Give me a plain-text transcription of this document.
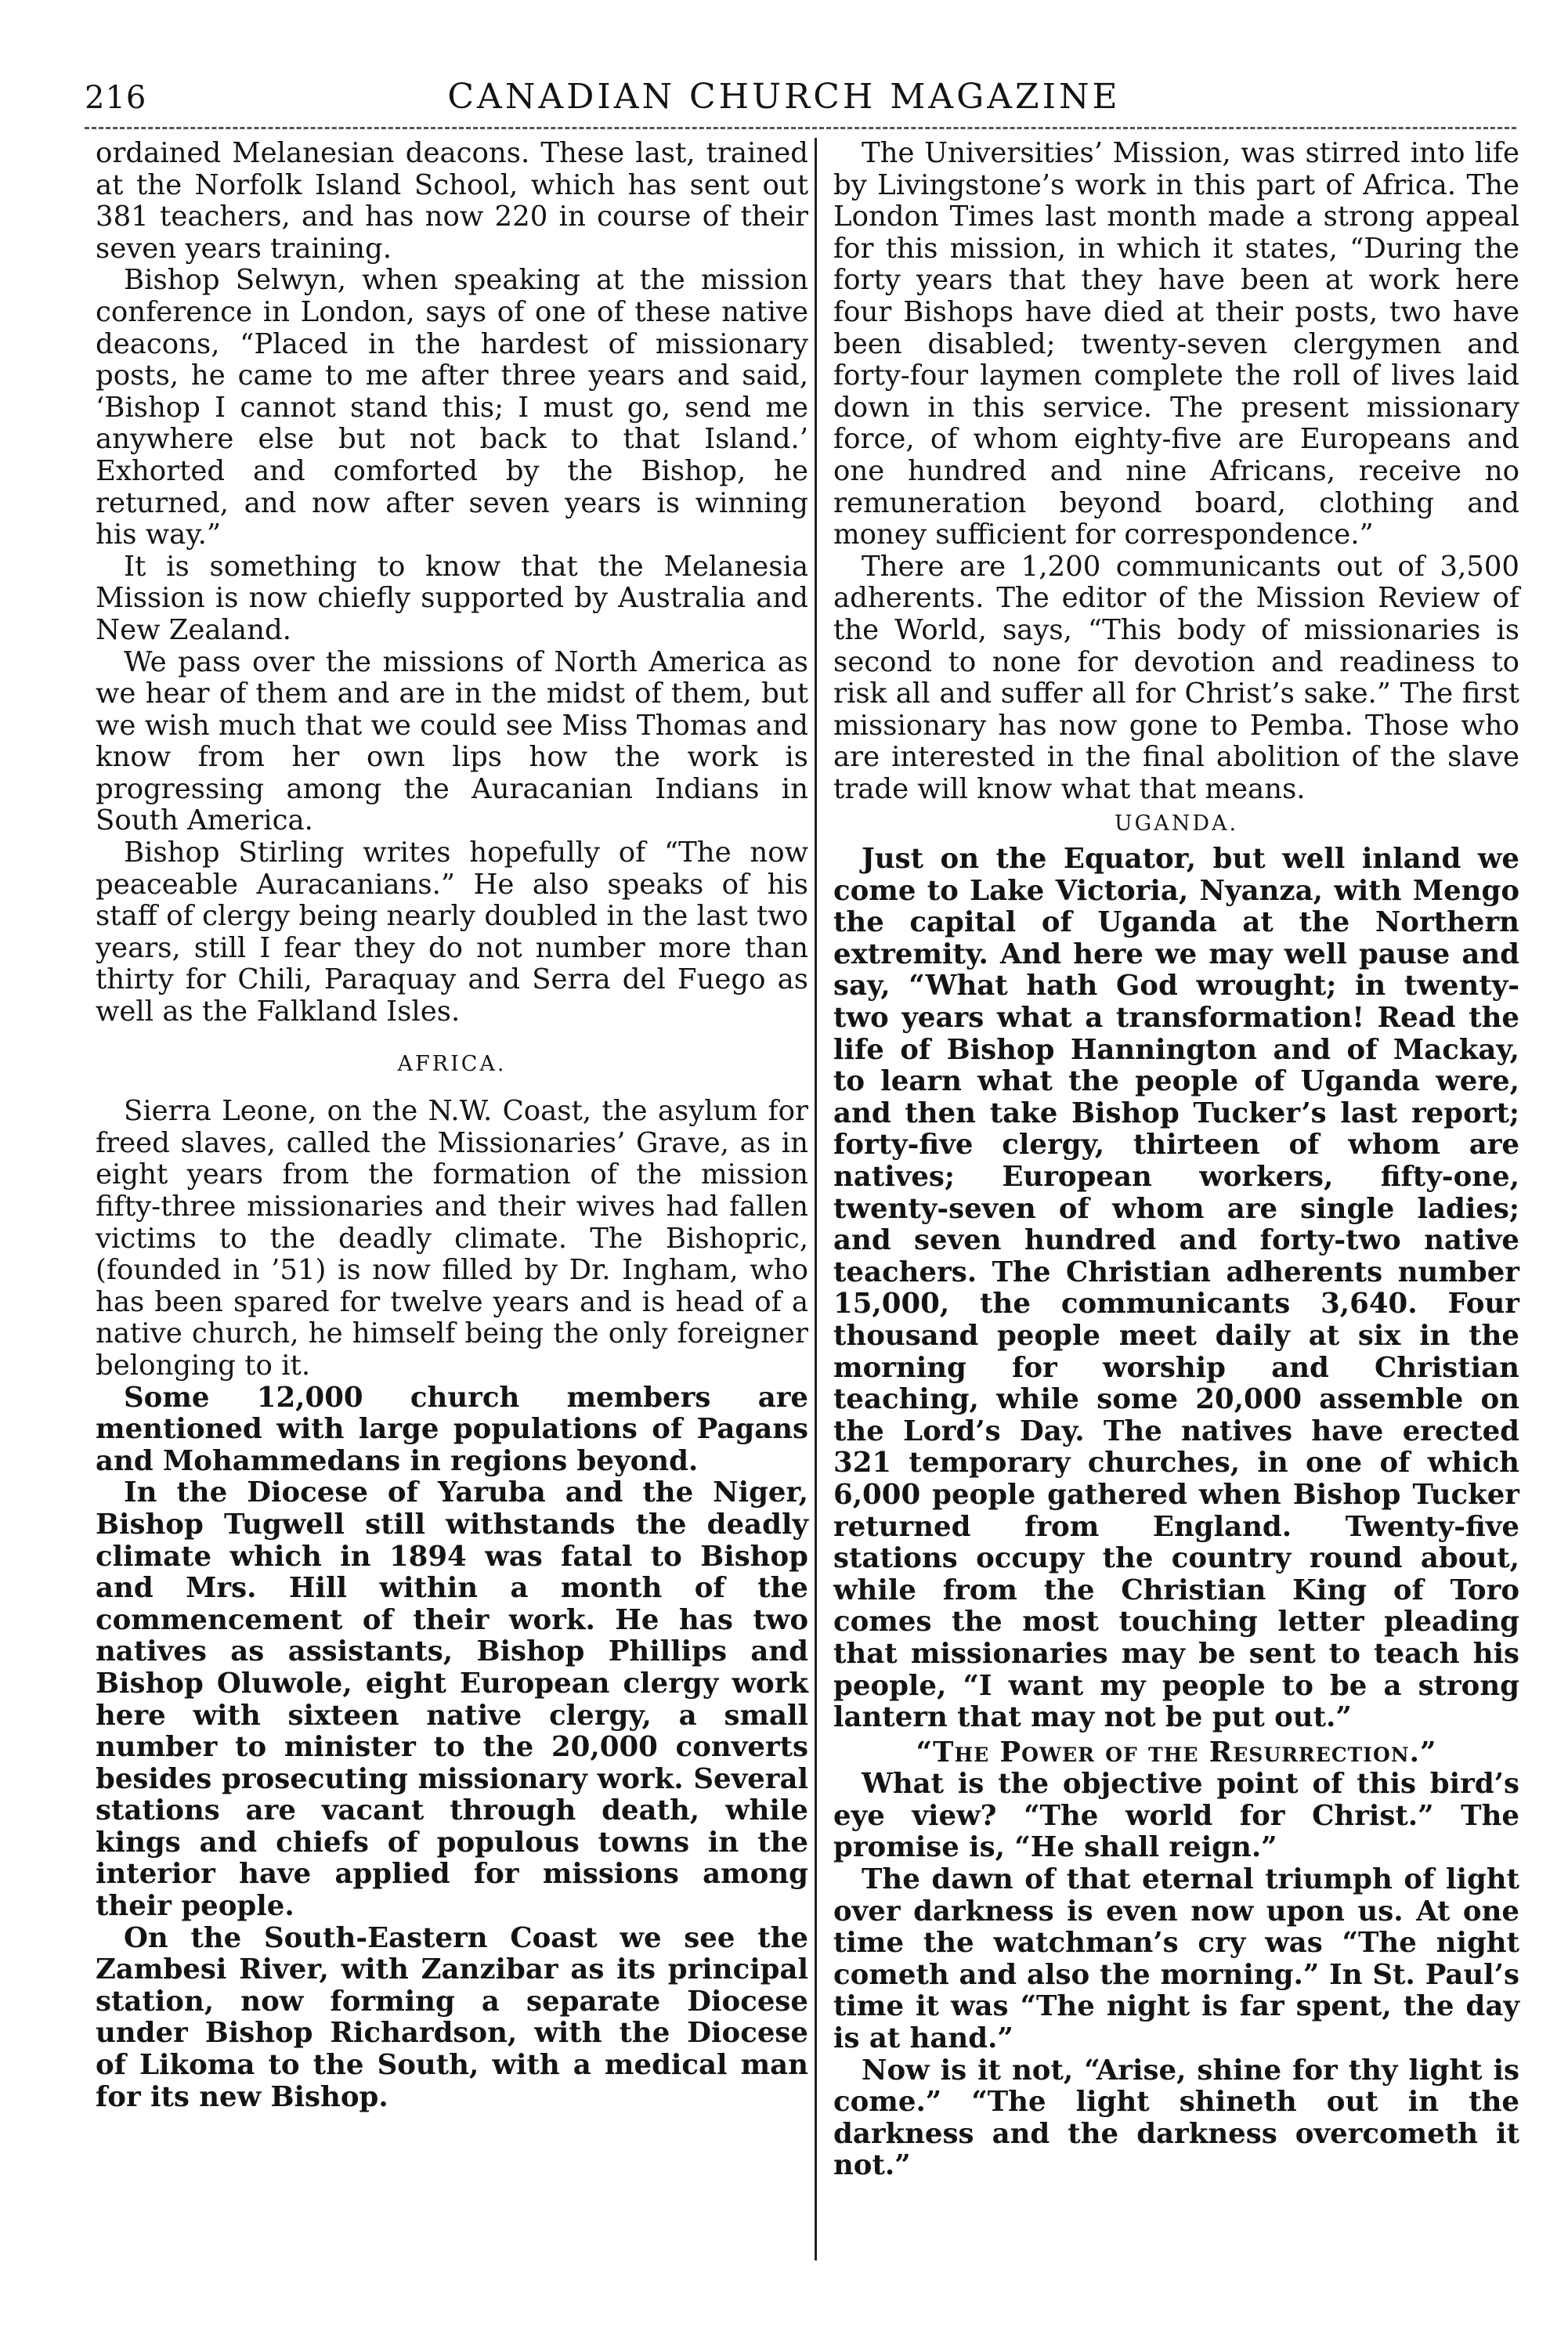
216	CANADIAN CHURCH MAGAZINE

ordained Melanesian deacons. These last, trained at the Norfolk Island School, which has sent out 381 teachers, and has now 220 in course of their seven years training.

Bishop Selwyn, when speaking at the mission conference in London, says of one of these native deacons, “Placed in the hardest of missionary posts, he came to me after three years and said, ‘Bishop I cannot stand this; I must go, send me anywhere else but not back to that Island.’ Exhorted and comforted by the Bishop, he returned, and now after seven years is winning his way.”

It is something to know that the Melanesia Mission is now chiefly supported by Australia and New Zealand.

We pass over the missions of North America as we hear of them and are in the midst of them, but we wish much that we could see Miss Thomas and know from her own lips how the work is progressing among the Auracanian Indians in South America.

Bishop Stirling writes hopefully of “The now peaceable Auracanians.” He also speaks of his staff of clergy being nearly doubled in the last two years, still I fear they do not number more than thirty for Chili, Paraquay and Serra del Fuego as well as the Falkland Isles.

AFRICA.

Sierra Leone, on the N.W. Coast, the asylum for freed slaves, called the Missionaries’ Grave, as in eight years from the formation of the mission fifty-three missionaries and their wives had fallen victims to the deadly climate. The Bishopric, (founded in ’51) is now filled by Dr. Ingham, who has been spared for twelve years and is head of a native church, he himself being the only foreigner belonging to it.

Some 12,000 church members are mentioned with large populations of Pagans and Mohammedans in regions beyond.

In the Diocese of Yaruba and the Niger, Bishop Tugwell still withstands the deadly climate which in 1894 was fatal to Bishop and Mrs. Hill within a month of the commencement of their work. He has two natives as assistants, Bishop Phillips and Bishop Oluwole, eight European clergy work here with sixteen native clergy, a small number to minister to the 20,000 converts besides prosecuting missionary work. Several stations are vacant through death, while kings and chiefs of populous towns in the interior have applied for missions among their people.

On the South-Eastern Coast we see the Zambesi River, with Zanzibar as its principal station, now forming a separate Diocese under Bishop Richardson, with the Diocese of Likoma to the South, with a medical man for its new Bishop.

The Universities’ Mission, was stirred into life by Livingstone’s work in this part of Africa. The London Times last month made a strong appeal for this mission, in which it states, “During the forty years that they have been at work here four Bishops have died at their posts, two have been disabled; twenty-seven clergymen and forty-four laymen complete the roll of lives laid down in this service. The present missionary force, of whom eighty-five are Europeans and one hundred and nine Africans, receive no remuneration beyond board, clothing and money sufficient for correspondence.”

There are 1,200 communicants out of 3,500 adherents. The editor of the Mission Review of the World, says, “This body of missionaries is second to none for devotion and readiness to risk all and suffer all for Christ’s sake.” The first missionary has now gone to Pemba. Those who are interested in the final abolition of the slave trade will know what that means.

UGANDA.

Just on the Equator, but well inland we come to Lake Victoria, Nyanza, with Mengo the capital of Uganda at the Northern extremity. And here we may well pause and say, “What hath God wrought; in twenty-two years what a transformation! Read the life of Bishop Hannington and of Mackay, to learn what the people of Uganda were, and then take Bishop Tucker’s last report; forty-five clergy, thirteen of whom are natives; European workers, fifty-one, twenty-seven of whom are single ladies; and seven hundred and forty-two native teachers. The Christian adherents number 15,000, the communicants 3,640. Four thousand people meet daily at six in the morning for worship and Christian teaching, while some 20,000 assemble on the Lord’s Day. The natives have erected 321 temporary churches, in one of which 6,000 people gathered when Bishop Tucker returned from England. Twenty-five stations occupy the country round about, while from the Christian King of Toro comes the most touching letter pleading that missionaries may be sent to teach his people, “I want my people to be a strong lantern that may not be put out.”

“The Power of the Resurrection.”

What is the objective point of this bird’s eye view? “The world for Christ.” The promise is, “He shall reign.”

The dawn of that eternal triumph of light over darkness is even now upon us. At one time the watchman’s cry was “The night cometh and also the morning.” In St. Paul’s time it was “The night is far spent, the day is at hand.”

Now is it not, “Arise, shine for thy light is come.” “The light shineth out in the darkness and the darkness overcometh it not.”
